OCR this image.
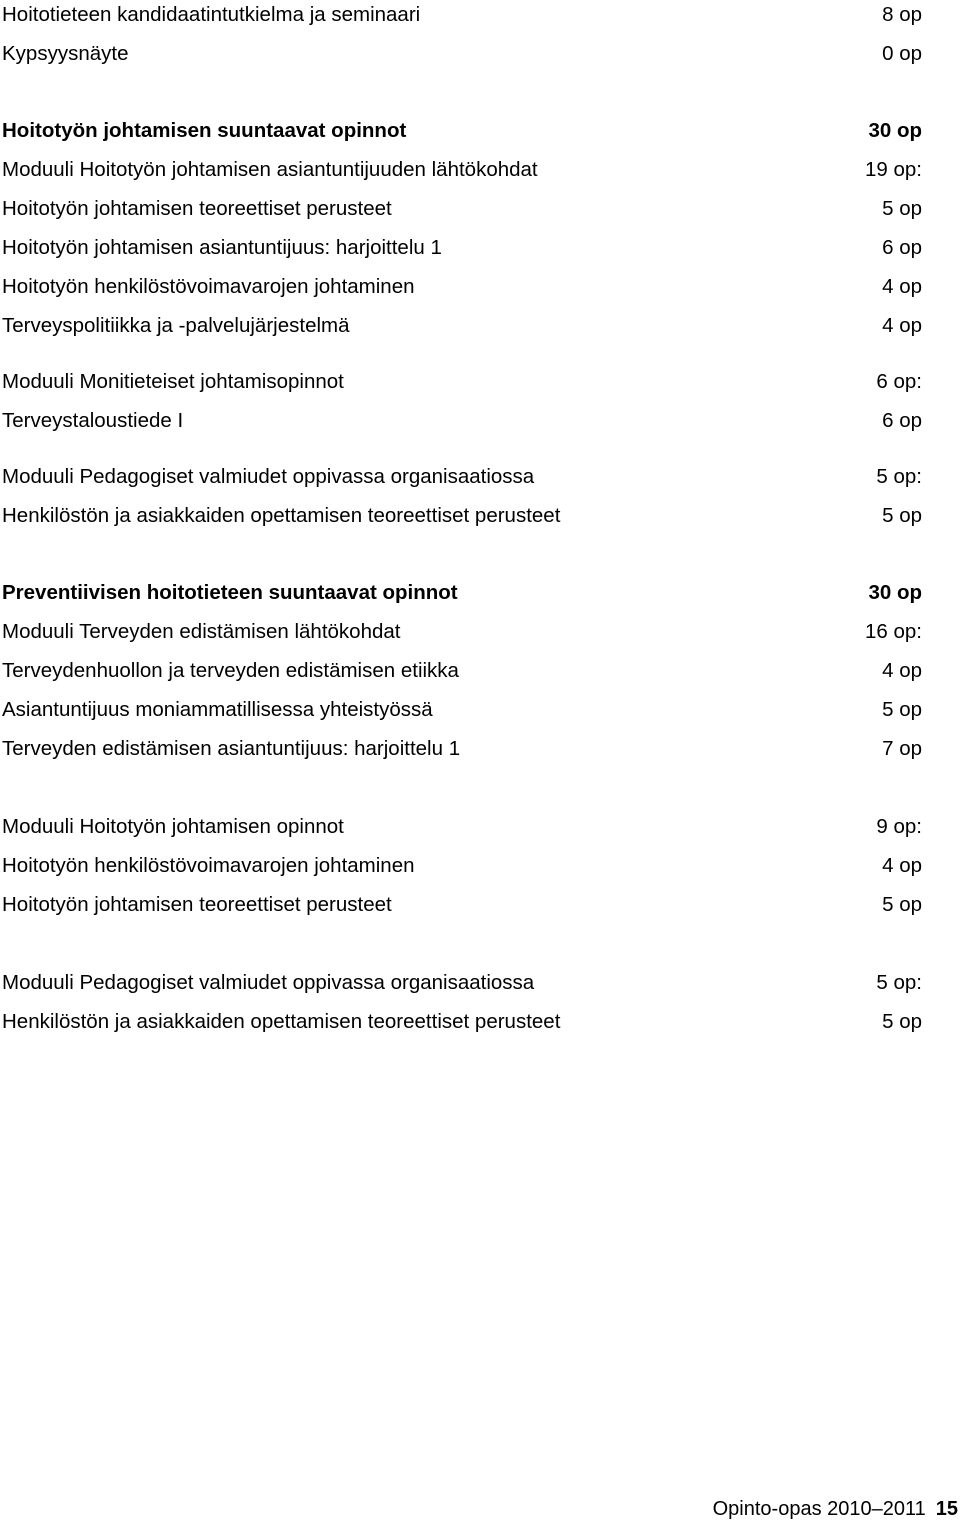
Hoitotieteen kandidaatintutkielma ja seminaari	8 op
Kypsyysnäyte	0 op
Hoitotyön johtamisen suuntaavat opinnot	30 op
Moduuli Hoitotyön johtamisen asiantuntijuuden lähtökohdat	19 op:
Hoitotyön johtamisen teoreettiset perusteet	5 op
Hoitotyön johtamisen asiantuntijuus: harjoittelu 1	6 op
Hoitotyön henkilöstövoimavarojen johtaminen	4 op
Terveyspolitiikka ja -palvelujärjestelmä	4 op
Moduuli Monitieteiset johtamisopinnot	6 op:
Terveystaloustiede I	6 op
Moduuli Pedagogiset valmiudet oppivassa organisaatiossa	5 op:
Henkilöstön ja asiakkaiden opettamisen teoreettiset perusteet	5 op
Preventiivisen hoitotieteen suuntaavat opinnot	30 op
Moduuli Terveyden edistämisen lähtökohdat	16 op:
Terveydenhuollon ja terveyden edistämisen etiikka	4 op
Asiantuntijuus moniammatillisessa yhteistyössä	5 op
Terveyden edistämisen asiantuntijuus: harjoittelu 1	7 op
Moduuli Hoitotyön johtamisen opinnot	9 op:
Hoitotyön henkilöstövoimavarojen johtaminen	4 op
Hoitotyön johtamisen teoreettiset perusteet	5 op
Moduuli Pedagogiset valmiudet oppivassa organisaatiossa	5 op:
Henkilöstön ja asiakkaiden opettamisen teoreettiset perusteet	5 op
Opinto-opas 2010–2011 15
